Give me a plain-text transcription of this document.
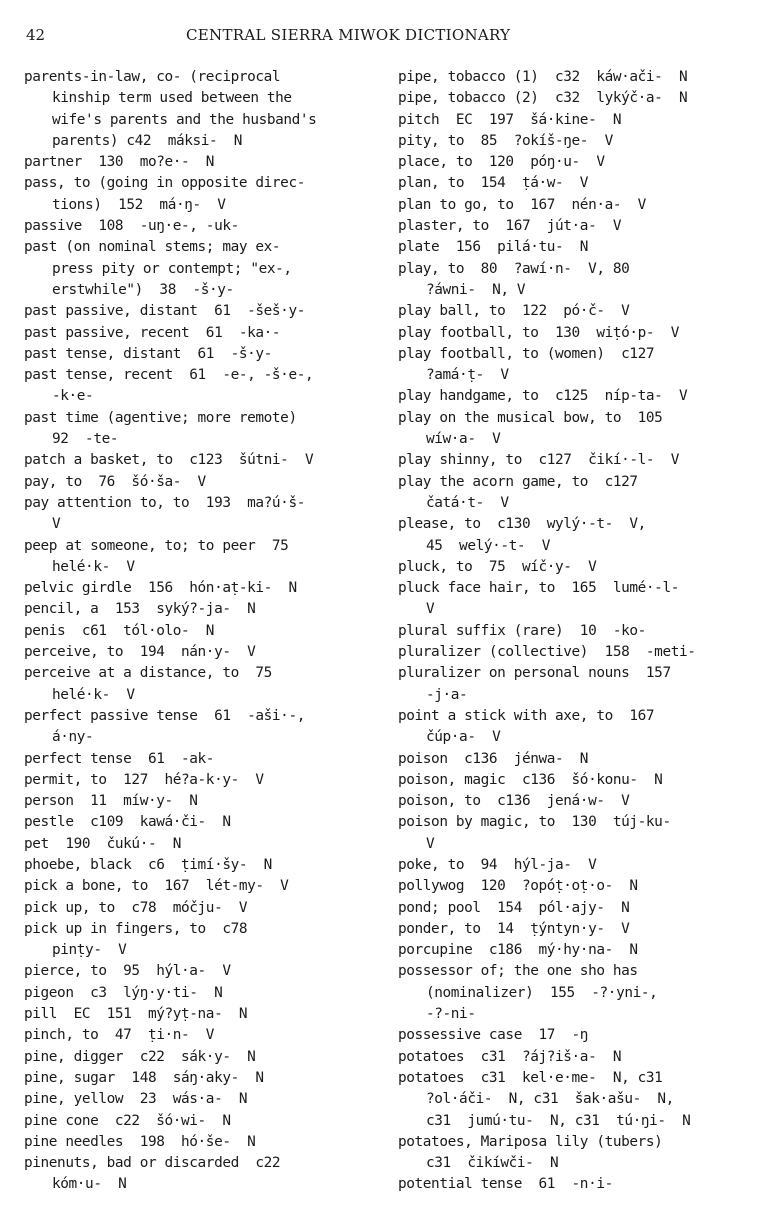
42	CENTRAL SIERRA MIWOK DICTIONARY
parents-in-law, co- (reciprocal
kinship term used between the
wife's parents and the husband's
parents) c42  máksi-  N
partner  130  mo?e·-  N
pass, to (going in opposite direc-
tions)  152  má·ŋ-  V
passive  108  -uŋ·e-, -uk-
past (on nominal stems; may ex-
press pity or contempt; "ex-,
erstwhile")  38  -š·y-
past passive, distant  61  -šeš·y-
past passive, recent  61  -ka·-
past tense, distant  61  -š·y-
past tense, recent  61  -e-, -š·e-,
-k·e-
past time (agentive; more remote)
92  -te-
patch a basket, to  c123  šútni-  V
pay, to  76  šó·ša-  V
pay attention to, to  193  ma?ú·š-
V
peep at someone, to; to peer  75
helé·k-  V
pelvic girdle  156  hón·aṭ-ki-  N
pencil, a  153  syký?-ja-  N
penis  c61  tól·olo-  N
perceive, to  194  nán·y-  V
perceive at a distance, to  75
helé·k-  V
perfect passive tense  61  -aši·-,
á·ny-
perfect tense  61  -ak-
permit, to  127  hé?a-k·y-  V
person  11  míw·y-  N
pestle  c109  kawá·či-  N
pet  190  čukú·-  N
phoebe, black  c6  ṭimí·šy-  N
pick a bone, to  167  lét-my-  V
pick up, to  c78  móčju-  V
pick up in fingers, to  c78
pinṭy-  V
pierce, to  95  hýl·a-  V
pigeon  c3  lýŋ·y·ti-  N
pill  EC  151  mý?yṭ-na-  N
pinch, to  47  ṭi·n-  V
pine, digger  c22  sák·y-  N
pine, sugar  148  sáŋ·aky-  N
pine, yellow  23  wás·a-  N
pine cone  c22  šó·wi-  N
pine needles  198  hó·še-  N
pinenuts, bad or discarded  c22
kóm·u-  N
pipe, tobacco (1)  c32  káw·ači-  N
pipe, tobacco (2)  c32  lykýč·a-  N
pitch  EC  197  šá·kine-  N
pity, to  85  ?okíš-ŋe-  V
place, to  120  póŋ·u-  V
plan, to  154  ṭá·w-  V
plan to go, to  167  nén·a-  V
plaster, to  167  jút·a-  V
plate  156  pilá·tu-  N
play, to  80  ?awí·n-  V, 80
?áwni-  N, V
play ball, to  122  pó·č-  V
play football, to  130  wiṭó·p-  V
play football, to (women)  c127
?amá·ṭ-  V
play handgame, to  c125  níp-ta-  V
play on the musical bow, to  105
wíw·a-  V
play shinny, to  c127  čikí·-l-  V
play the acorn game, to  c127
čatá·t-  V
please, to  c130  wylý·-t-  V,
45  welý·-t-  V
pluck, to  75  wíč·y-  V
pluck face hair, to  165  lumé·-l-
V
plural suffix (rare)  10  -ko-
pluralizer (collective)  158  -meti-
pluralizer on personal nouns  157
-j·a-
point a stick with axe, to  167
čúp·a-  V
poison  c136  jénwa-  N
poison, magic  c136  šó·konu-  N
poison, to  c136  jená·w-  V
poison by magic, to  130  túj-ku-
V
poke, to  94  hýl-ja-  V
pollywog  120  ?opóṭ·oṭ·o-  N
pond; pool  154  pól·ajy-  N
ponder, to  14  ṭýntyn·y-  V
porcupine  c186  mý·hy·na-  N
possessor of; the one sho has
(nominalizer)  155  -?·yni-,
-?-ni-
possessive case  17  -ŋ
potatoes  c31  ?áj?iš·a-  N
potatoes  c31  kel·e·me-  N, c31
?ol·áči-  N, c31  šak·ašu-  N,
c31  jumú·tu-  N, c31  tú·ŋi-  N
potatoes, Mariposa lily (tubers)
c31  čikíwči-  N
potential tense  61  -n·i-
